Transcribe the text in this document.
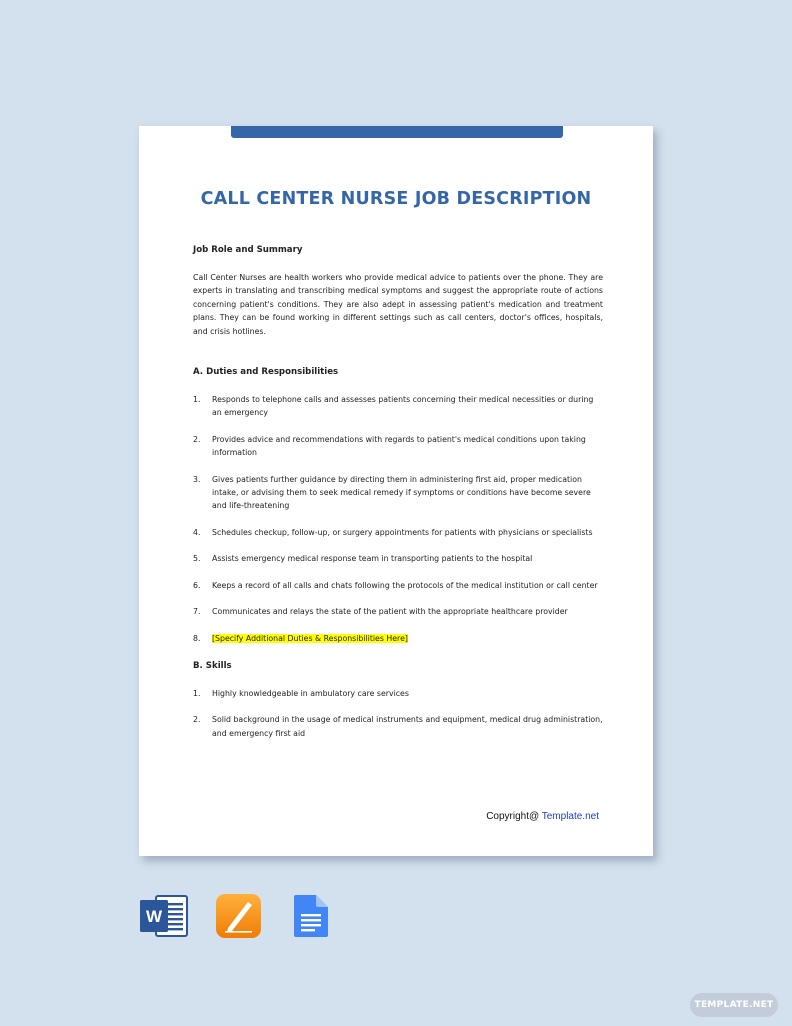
CALL CENTER NURSE JOB DESCRIPTION

Job Role and Summary

Call Center Nurses are health workers who provide medical advice to patients over the phone. They are experts in translating and transcribing medical symptoms and suggest the appropriate route of actions concerning patient's conditions. They are also adept in assessing patient's medication and treatment plans. They can be found working in different settings such as call centers, doctor's offices, hospitals, and crisis hotlines.

A. Duties and Responsibilities

1.	Responds to telephone calls and assesses patients concerning their medical necessities or during an emergency
2.	Provides advice and recommendations with regards to patient's medical conditions upon taking information
3.	Gives patients further guidance by directing them in administering first aid, proper medication intake, or advising them to seek medical remedy if symptoms or conditions have become severe and life-threatening
4.	Schedules checkup, follow-up, or surgery appointments for patients with physicians or specialists
5.	Assists emergency medical response team in transporting patients to the hospital
6.	Keeps a record of all calls and chats following the protocols of the medical institution or call center
7.	Communicates and relays the state of the patient with the appropriate healthcare provider
8.	[Specify Additional Duties & Responsibilities Here]

B. Skills

1.	Highly knowledgeable in ambulatory care services
2.	Solid background in the usage of medical instruments and equipment, medical drug administration, and emergency first aid
Copyright@ Template.net
W
TEMPLATE.NET
